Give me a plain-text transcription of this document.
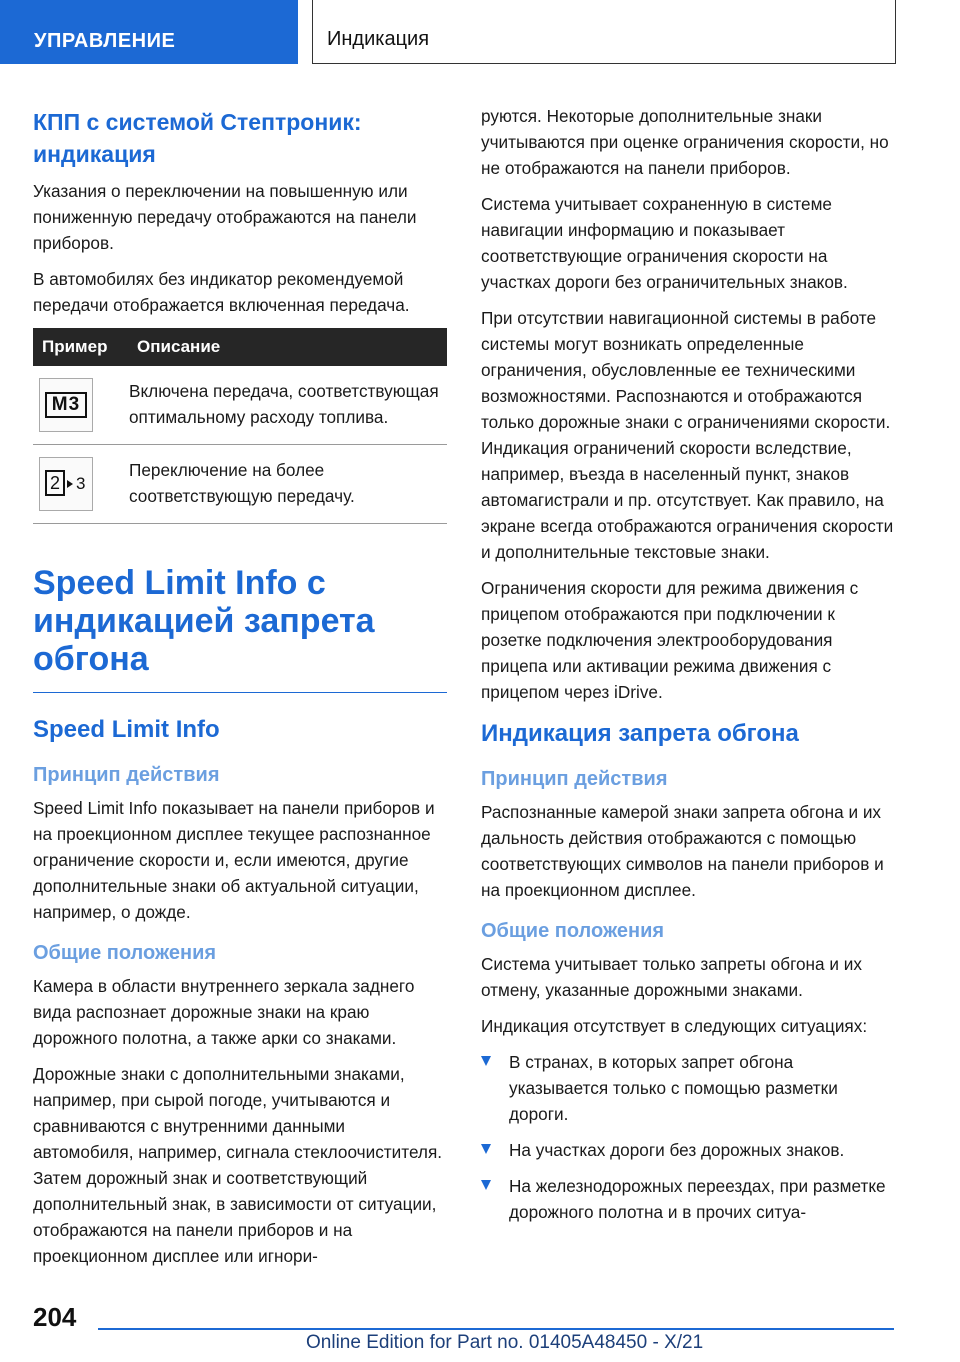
УПРАВЛЕНИЕ	Индикация
КПП с системой Стептроник: индикация

Указания о переключении на повышенную или пониженную передачу отображаются на панели приборов.

В автомобилях без индикатор рекомендуемой передачи отображается включенная передача.

Пример	Описание

M3	Включена передача, соответствующая оптимальному расходу топлива.

2 3	Переключение на более соответствующую передачу.

Speed Limit Info с индикацией запрета обгона
Speed Limit Info
Принцип действия

Speed Limit Info показывает на панели приборов и на проекционном дисплее текущее распознанное ограничение скорости и, если имеются, другие дополнительные знаки об актуальной ситуации, например, о дожде.

Общие положения

Камера в области внутреннего зеркала заднего вида распознает дорожные знаки на краю дорожного полотна, а также арки со знаками.

Дорожные знаки с дополнительными знаками, например, при сырой погоде, учитываются и сравниваются с внутренними данными автомобиля, например, сигнала стеклоочистителя. Затем дорожный знак и соответствующий дополнительный знак, в зависимости от ситуации, отображаются на панели приборов и на проекционном дисплее или игнори-

руются. Некоторые дополнительные знаки учитываются при оценке ограничения скорости, но не отображаются на панели приборов.

Система учитывает сохраненную в системе навигации информацию и показывает соответствующие ограничения скорости на участках дороги без ограничительных знаков.

При отсутствии навигационной системы в работе системы могут возникать определенные ограничения, обусловленные ее техническими возможностями. Распознаются и отображаются только дорожные знаки с ограничениями скорости. Индикация ограничений скорости вследствие, например, въезда в населенный пункт, знаков автомагистрали и пр. отсутствует. Как правило, на экране всегда отображаются ограничения скорости и дополнительные текстовые знаки.

Ограничения скорости для режима движения с прицепом отображаются при подключении к розетке подключения электрооборудования прицепа или активации режима движения с прицепом через iDrive.

Индикация запрета обгона
Принцип действия

Распознанные камерой знаки запрета обгона и их дальность действия отображаются с помощью соответствующих символов на панели приборов и на проекционном дисплее.

Общие положения

Система учитывает только запреты обгона и их отмену, указанные дорожными знаками.

Индикация отсутствует в следующих ситуациях:

В странах, в которых запрет обгона указывается только с помощью разметки дороги.
На участках дороги без дорожных знаков.
На железнодорожных переездах, при разметке дорожного полотна и в прочих ситуа-
204
Online Edition for Part no. 01405A48450 - X/21
